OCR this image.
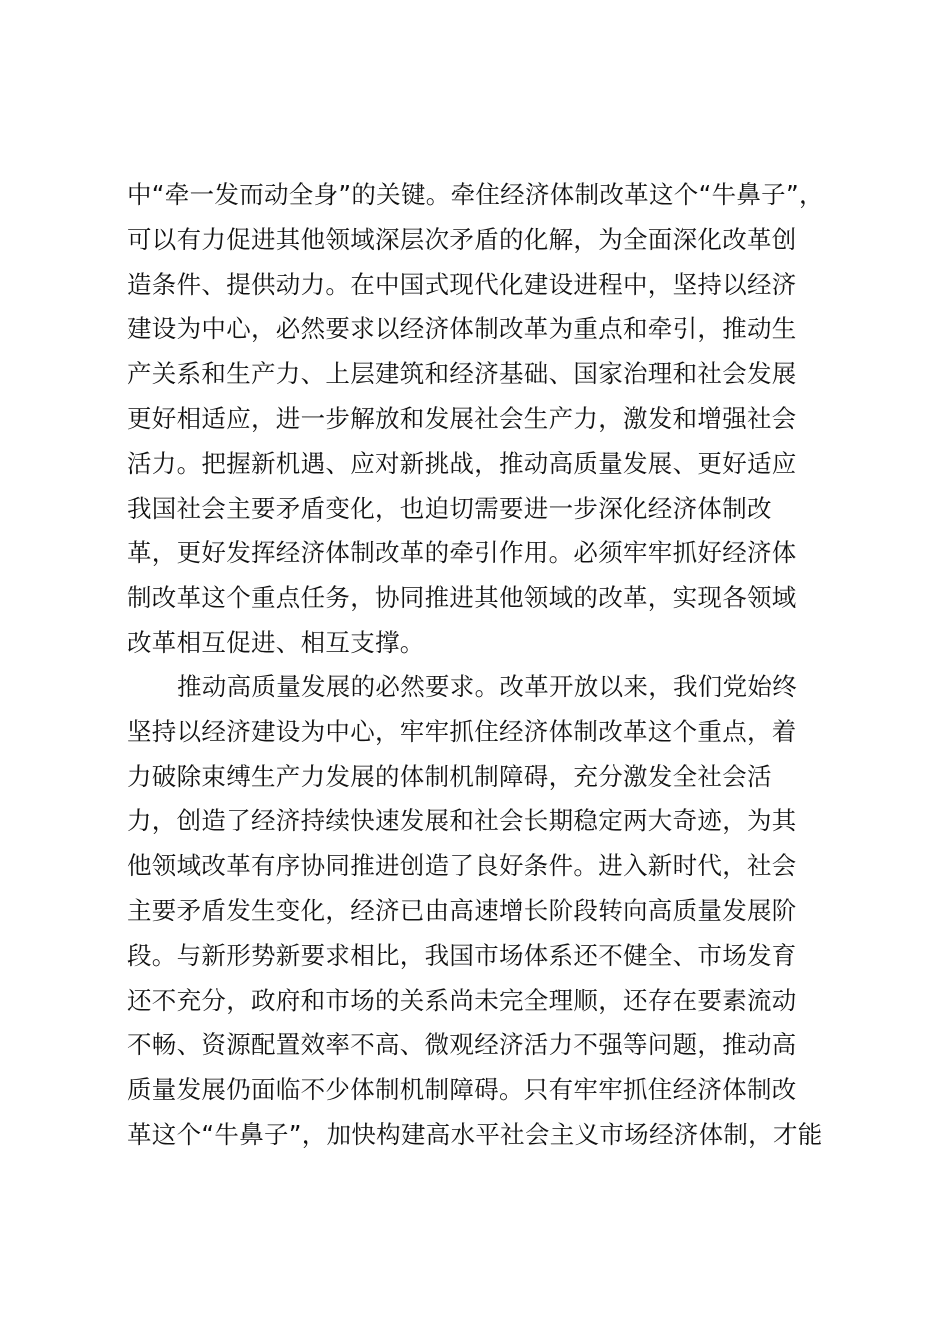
中“牵一发而动全身”的关键。牵住经济体制改革这个“牛鼻子”，
可以有力促进其他领域深层次矛盾的化解，为全面深化改革创
造条件、提供动力。在中国式现代化建设进程中，坚持以经济
建设为中心，必然要求以经济体制改革为重点和牵引，推动生
产关系和生产力、上层建筑和经济基础、国家治理和社会发展
更好相适应，进一步解放和发展社会生产力，激发和增强社会
活力。把握新机遇、应对新挑战，推动高质量发展、更好适应
我国社会主要矛盾变化，也迫切需要进一步深化经济体制改
革，更好发挥经济体制改革的牵引作用。必须牢牢抓好经济体
制改革这个重点任务，协同推进其他领域的改革，实现各领域
改革相互促进、相互支撑。
推动高质量发展的必然要求。改革开放以来，我们党始终
坚持以经济建设为中心，牢牢抓住经济体制改革这个重点，着
力破除束缚生产力发展的体制机制障碍，充分激发全社会活
力，创造了经济持续快速发展和社会长期稳定两大奇迹，为其
他领域改革有序协同推进创造了良好条件。进入新时代，社会
主要矛盾发生变化，经济已由高速增长阶段转向高质量发展阶
段。与新形势新要求相比，我国市场体系还不健全、市场发育
还不充分，政府和市场的关系尚未完全理顺，还存在要素流动
不畅、资源配置效率不高、微观经济活力不强等问题，推动高
质量发展仍面临不少体制机制障碍。只有牢牢抓住经济体制改
革这个“牛鼻子”，加快构建高水平社会主义市场经济体制，才能
